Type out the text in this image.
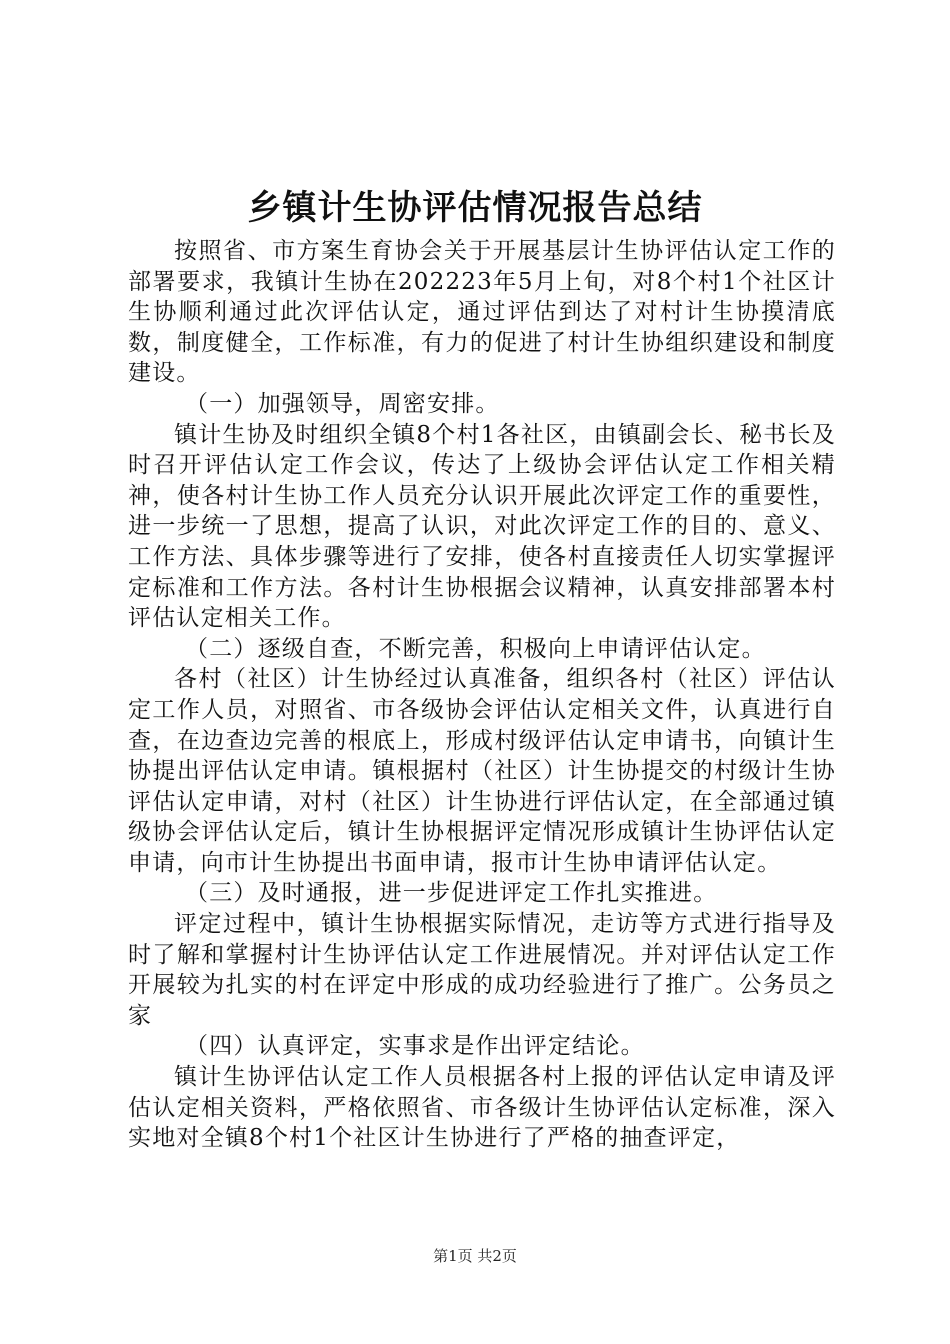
乡镇计生协评估情况报告总结

按照省、市方案生育协会关于开展基层计生协评估认定工作的部署要求，我镇计生协在202223年5月上旬，对8个村1个社区计生协顺利通过此次评估认定，通过评估到达了对村计生协摸清底数，制度健全，工作标准，有力的促进了村计生协组织建设和制度建设。

（一）加强领导，周密安排。

镇计生协及时组织全镇8个村1各社区，由镇副会长、秘书长及时召开评估认定工作会议，传达了上级协会评估认定工作相关精神，使各村计生协工作人员充分认识开展此次评定工作的重要性，进一步统一了思想，提高了认识，对此次评定工作的目的、意义、工作方法、具体步骤等进行了安排，使各村直接责任人切实掌握评定标准和工作方法。各村计生协根据会议精神，认真安排部署本村评估认定相关工作。

（二）逐级自查，不断完善，积极向上申请评估认定。

各村（社区）计生协经过认真准备，组织各村（社区）评估认定工作人员，对照省、市各级协会评估认定相关文件，认真进行自查，在边查边完善的根底上，形成村级评估认定申请书，向镇计生协提出评估认定申请。镇根据村（社区）计生协提交的村级计生协评估认定申请，对村（社区）计生协进行评估认定，在全部通过镇级协会评估认定后，镇计生协根据评定情况形成镇计生协评估认定申请，向市计生协提出书面申请，报市计生协申请评估认定。

（三）及时通报，进一步促进评定工作扎实推进。

评定过程中，镇计生协根据实际情况，走访等方式进行指导及时了解和掌握村计生协评估认定工作进展情况。并对评估认定工作开展较为扎实的村在评定中形成的成功经验进行了推广。公务员之家

（四）认真评定，实事求是作出评定结论。

镇计生协评估认定工作人员根据各村上报的评估认定申请及评估认定相关资料，严格依照省、市各级计生协评估认定标准，深入实地对全镇8个村1个社区计生协进行了严格的抽查评定，

第1页 共2页
